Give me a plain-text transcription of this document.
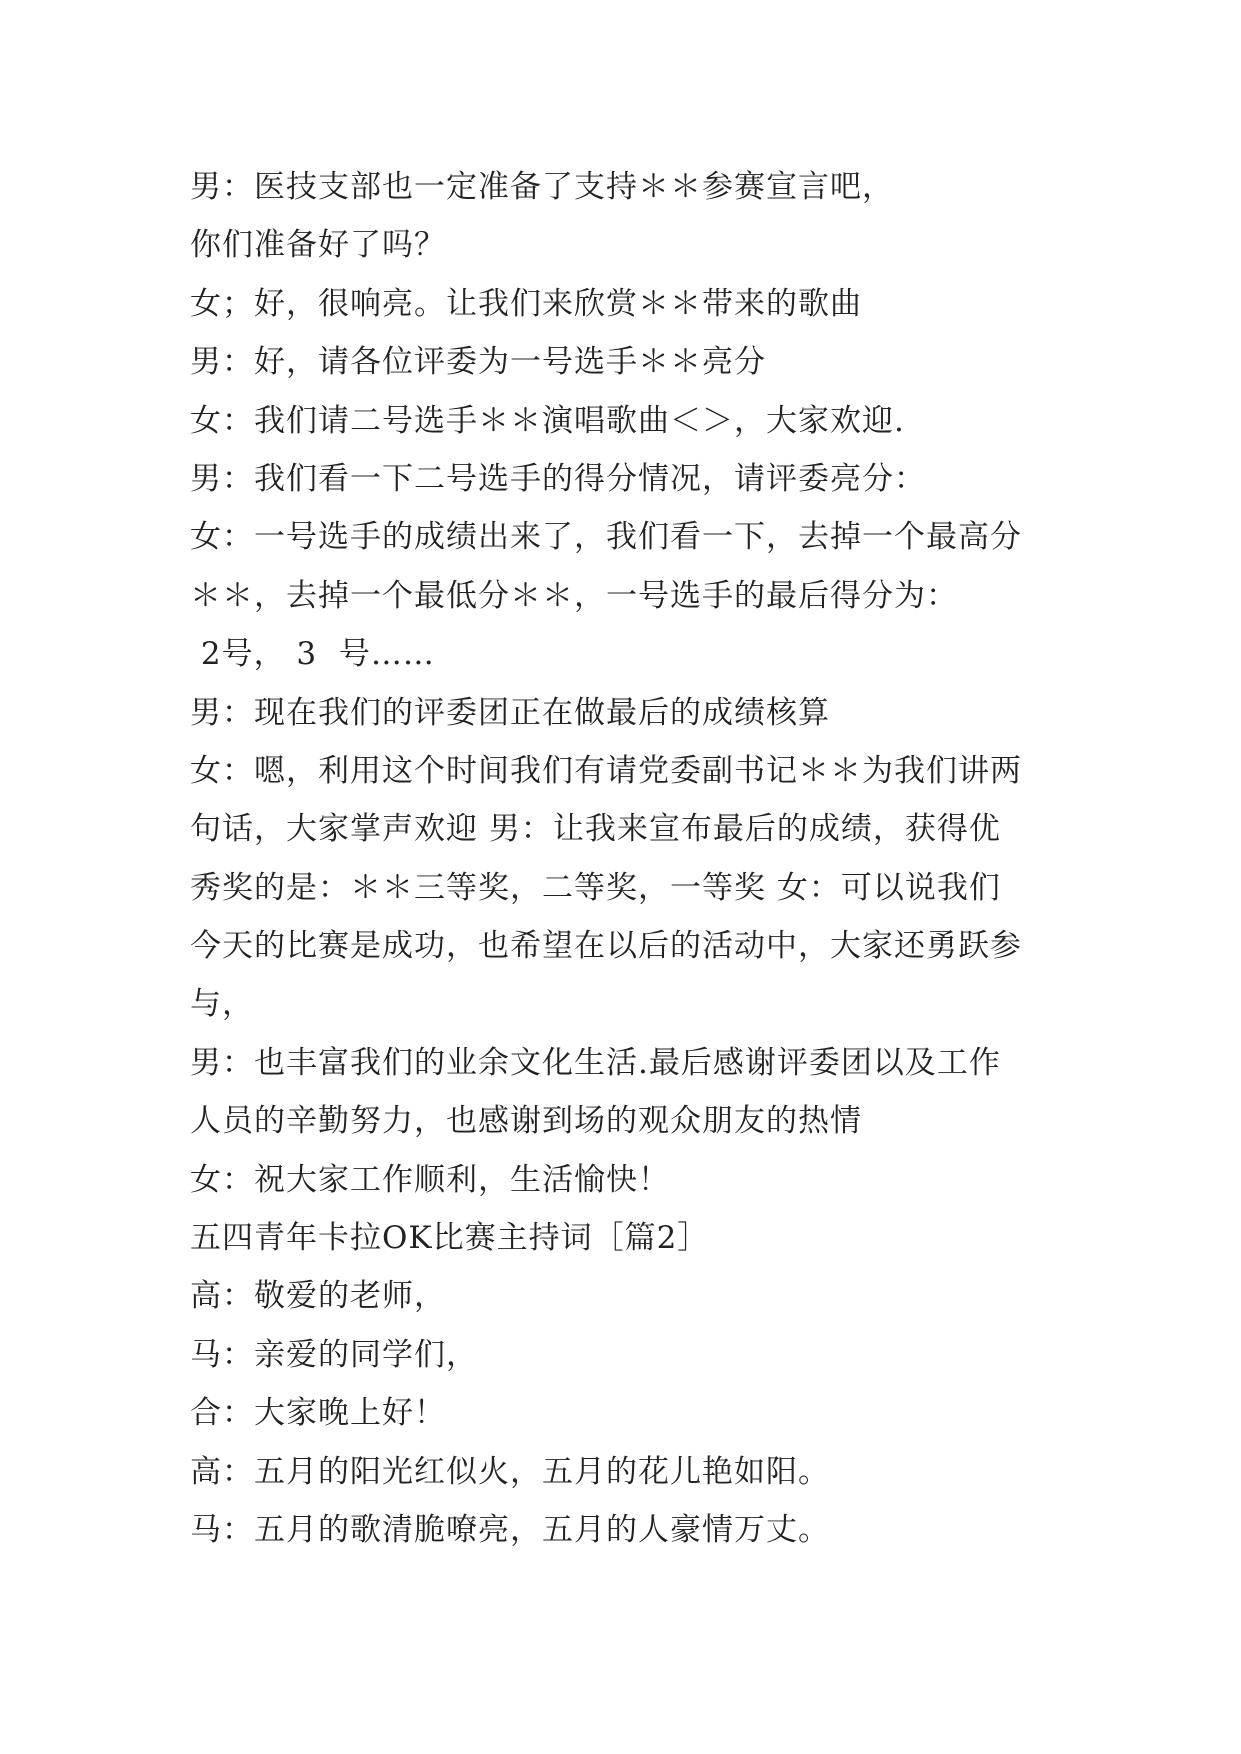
男：医技支部也一定准备了支持＊＊参赛宣言吧，
你们准备好了吗？
女；好，很响亮。让我们来欣赏＊＊带来的歌曲
男：好，请各位评委为一号选手＊＊亮分
女：我们请二号选手＊＊演唱歌曲＜＞，大家欢迎.
男：我们看一下二号选手的得分情况，请评委亮分：
女：一号选手的成绩出来了，我们看一下，去掉一个最高分
＊＊，去掉一个最低分＊＊，一号选手的最后得分为：
2号， 3  号……
男：现在我们的评委团正在做最后的成绩核算
女：嗯，利用这个时间我们有请党委副书记＊＊为我们讲两
句话，大家掌声欢迎 男：让我来宣布最后的成绩，获得优
秀奖的是：＊＊三等奖，二等奖，一等奖 女：可以说我们
今天的比赛是成功，也希望在以后的活动中，大家还勇跃参
与，
男：也丰富我们的业余文化生活.最后感谢评委团以及工作
人员的辛勤努力，也感谢到场的观众朋友的热情
女：祝大家工作顺利，生活愉快！
五四青年卡拉OK比赛主持词［篇2］
高：敬爱的老师，
马：亲爱的同学们，
合：大家晚上好！
高：五月的阳光红似火，五月的花儿艳如阳。
马：五月的歌清脆嘹亮，五月的人豪情万丈。
